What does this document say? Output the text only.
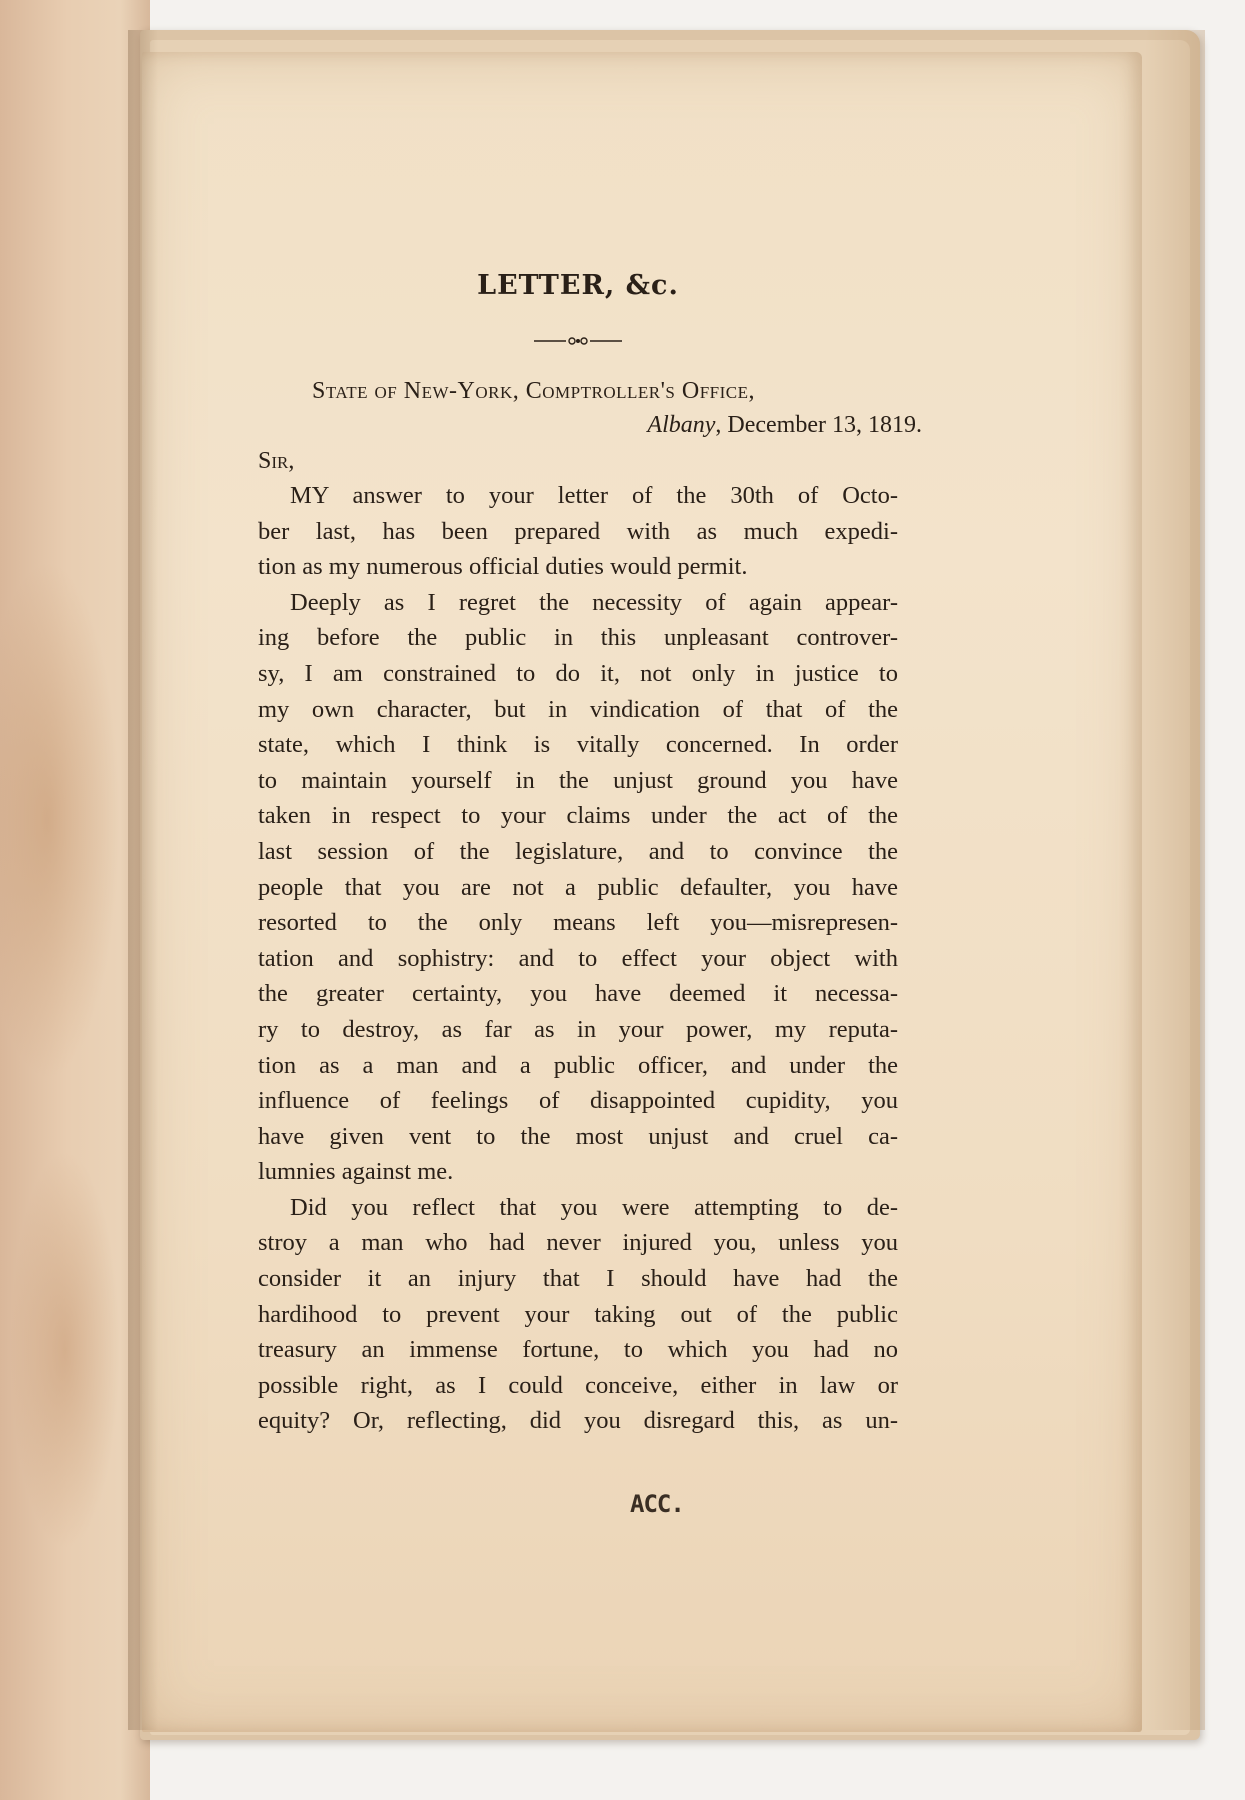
LETTER, &c.
State of New-York, Comptroller's Office,
Albany, December 13, 1819.
Sir,
MY answer to your letter of the 30th of Octo-
ber last, has been prepared with as much expedi-
tion as my numerous official duties would permit.
Deeply as I regret the necessity of again appear-
ing before the public in this unpleasant controver-
sy, I am constrained to do it, not only in justice to
my own character, but in vindication of that of the
state, which I think is vitally concerned. In order
to maintain yourself in the unjust ground you have
taken in respect to your claims under the act of the
last session of the legislature, and to convince the
people that you are not a public defaulter, you have
resorted to the only means left you—misrepresen-
tation and sophistry: and to effect your object with
the greater certainty, you have deemed it necessa-
ry to destroy, as far as in your power, my reputa-
tion as a man and a public officer, and under the
influence of feelings of disappointed cupidity, you
have given vent to the most unjust and cruel ca-
lumnies against me.
Did you reflect that you were attempting to de-
stroy a man who had never injured you, unless you
consider it an injury that I should have had the
hardihood to prevent your taking out of the public
treasury an immense fortune, to which you had no
possible right, as I could conceive, either in law or
equity? Or, reflecting, did you disregard this, as un-
ACC.
